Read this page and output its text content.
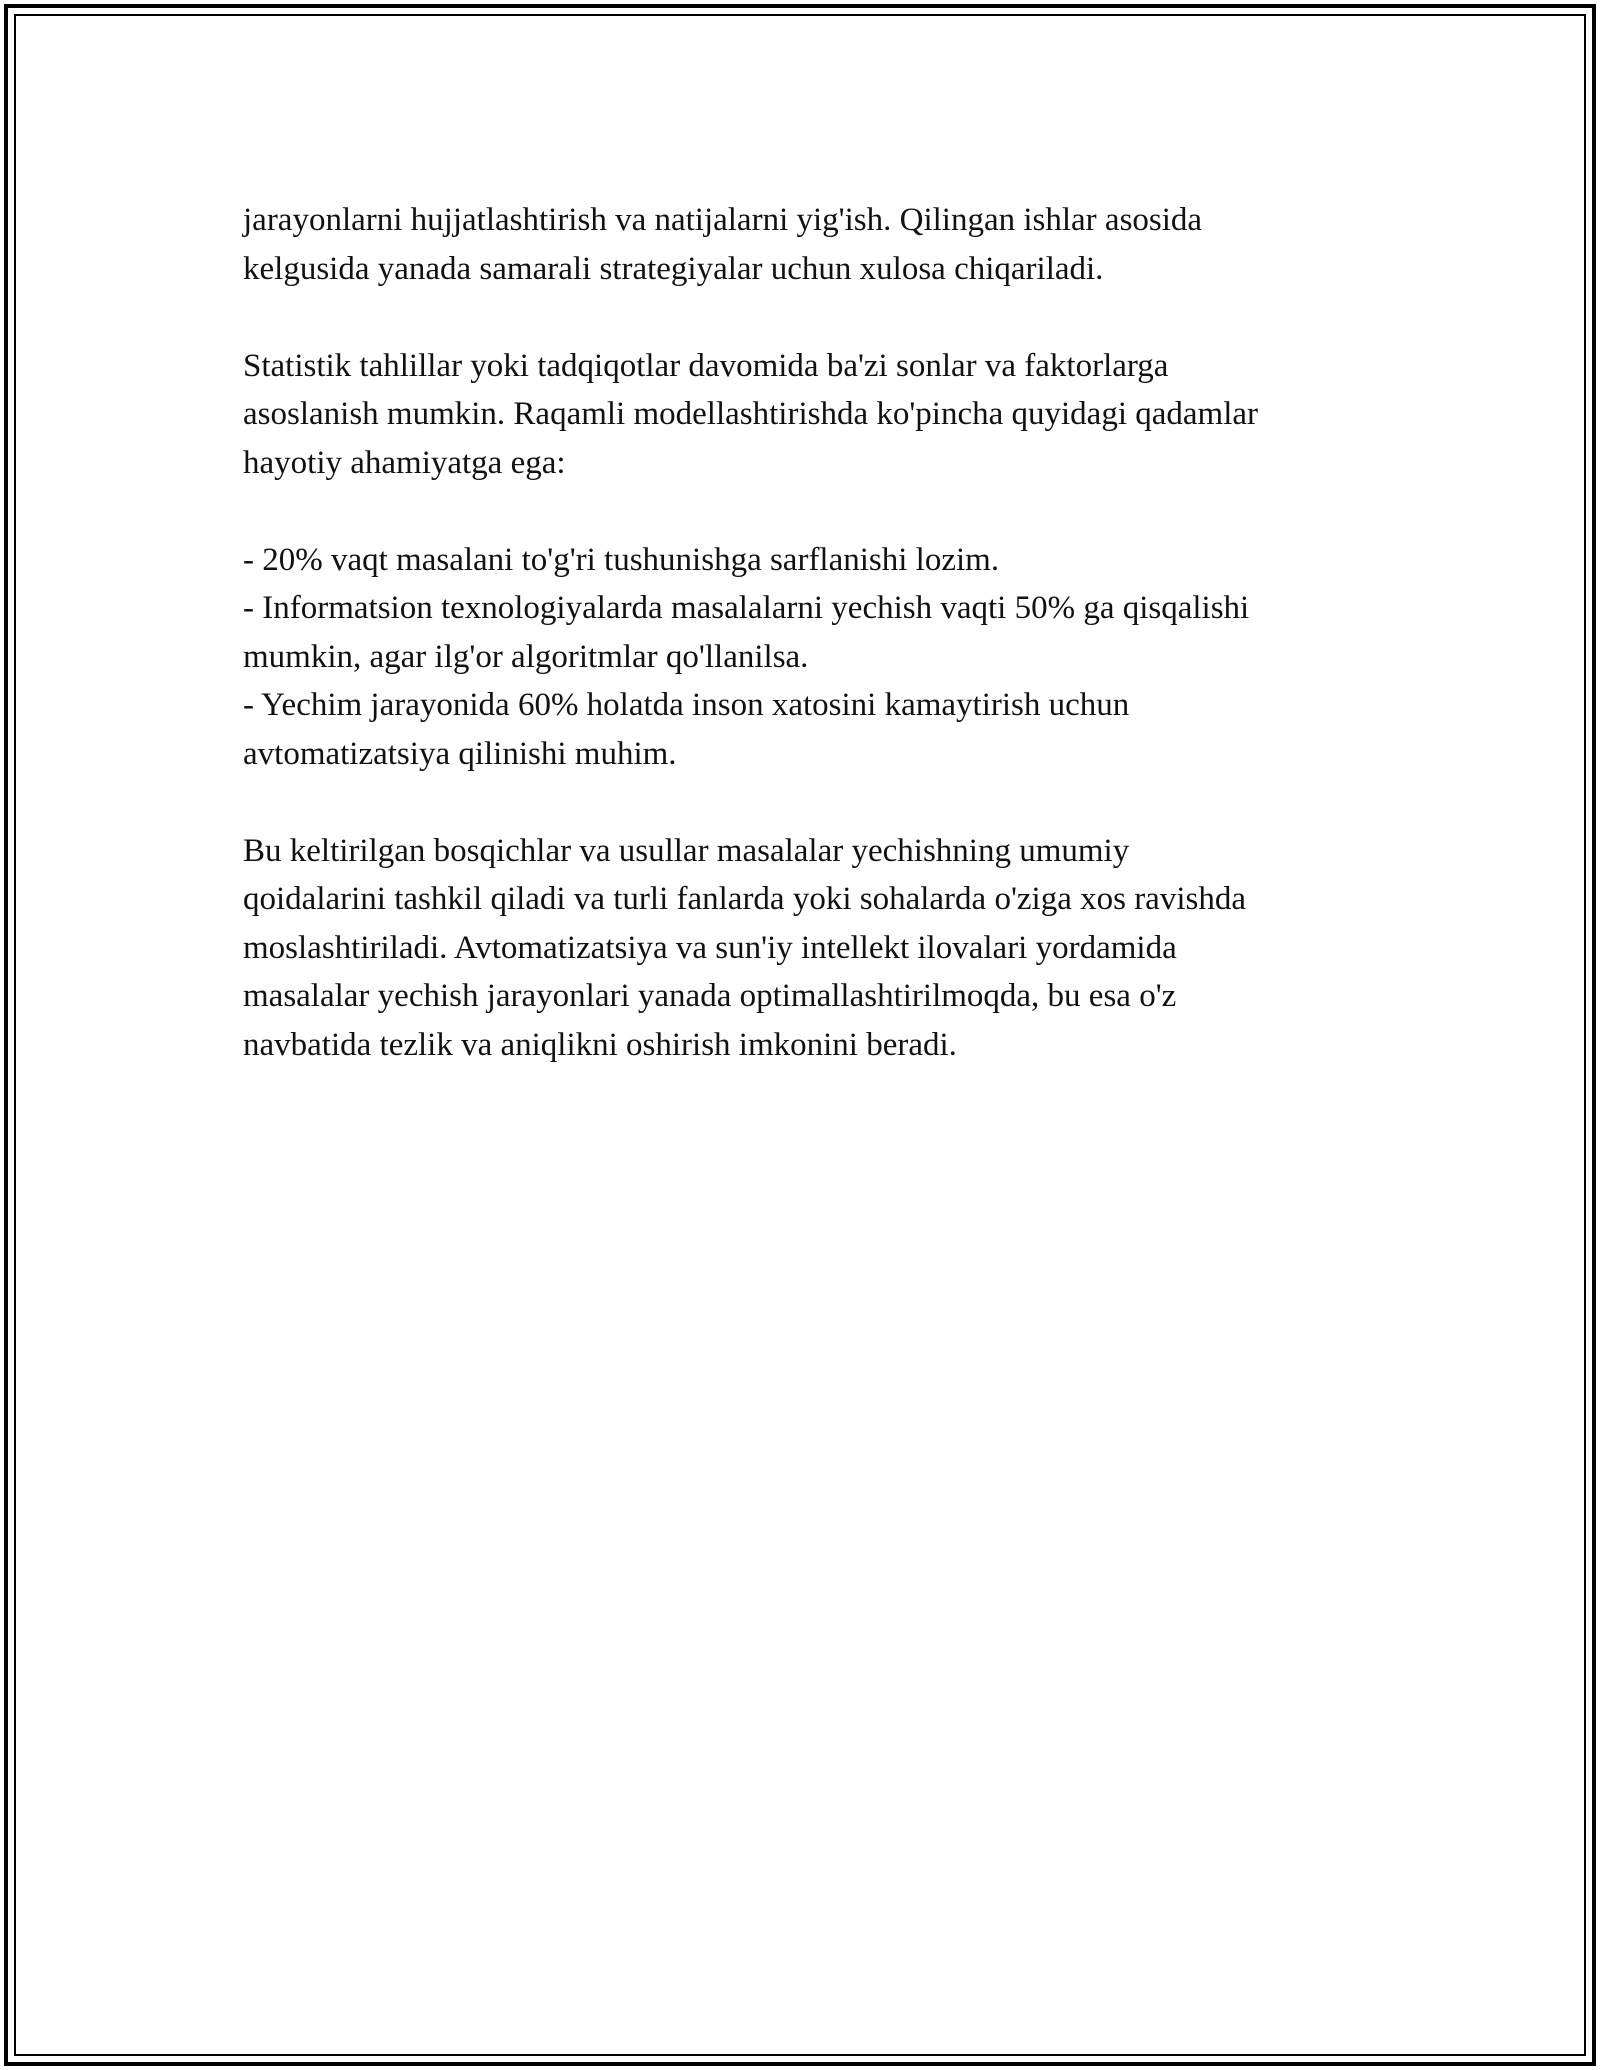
jarayonlarni hujjatlashtirish va natijalarni yig'ish. Qilingan ishlar asosida
kelgusida yanada samarali strategiyalar uchun xulosa chiqariladi.

Statistik tahlillar yoki tadqiqotlar davomida ba'zi sonlar va faktorlarga
asoslanish mumkin. Raqamli modellashtirishda ko'pincha quyidagi qadamlar
hayotiy ahamiyatga ega:

- 20% vaqt masalani to'g'ri tushunishga sarflanishi lozim.
- Informatsion texnologiyalarda masalalarni yechish vaqti 50% ga qisqalishi
mumkin, agar ilg'or algoritmlar qo'llanilsa.
- Yechim jarayonida 60% holatda inson xatosini kamaytirish uchun
avtomatizatsiya qilinishi muhim.

Bu keltirilgan bosqichlar va usullar masalalar yechishning umumiy
qoidalarini tashkil qiladi va turli fanlarda yoki sohalarda o'ziga xos ravishda
moslashtiriladi. Avtomatizatsiya va sun'iy intellekt ilovalari yordamida
masalalar yechish jarayonlari yanada optimallashtirilmoqda, bu esa o'z
navbatida tezlik va aniqlikni oshirish imkonini beradi.
